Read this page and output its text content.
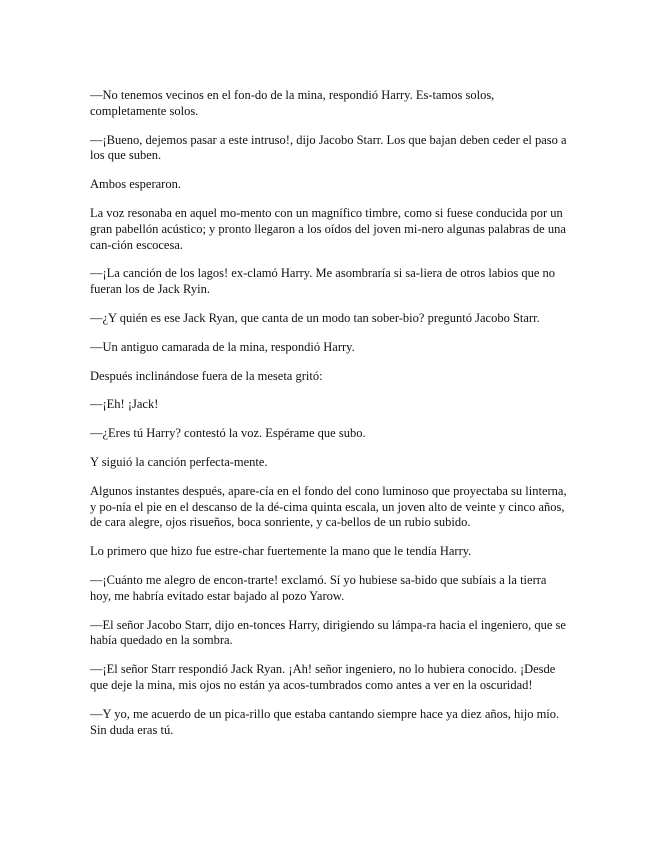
—No tenemos vecinos en el fon-do de la mina, respondió Harry. Es-tamos solos, completamente solos.

—¡Bueno, dejemos pasar a este intruso!, dijo Jacobo Starr. Los que bajan deben ceder el paso a los que suben.

Ambos esperaron.

La voz resonaba en aquel mo-mento con un magnífico timbre, como si fuese conducida por un gran pabellón acústico; y pronto llegaron a los oídos del joven mi-nero algunas palabras de una can-ción escocesa.

—¡La canción de los lagos! ex-clamó Harry. Me asombraría si sa-liera de otros labios que no fueran los de Jack Ryin.

—¿Y quién es ese Jack Ryan, que canta de un modo tan sober-bio? preguntó Jacobo Starr.

—Un antiguo camarada de la mina, respondió Harry.

Después inclinándose fuera de la meseta gritó:

—¡Eh! ¡Jack!

—¿Eres tú Harry? contestó la voz. Espérame que subo.

Y siguió la canción perfecta-mente.

Algunos instantes después, apare-cía en el fondo del cono luminoso que proyectaba su linterna, y po-nía el pie en el descanso de la dé-cima quinta escala, un joven alto de veinte y cinco años, de cara alegre, ojos risueños, boca sonriente, y ca-bellos de un rubio subido.

Lo primero que hizo fue estre-char fuertemente la mano que le tendía Harry.

—¡Cuánto me alegro de encon-trarte! exclamó. Sí yo hubiese sa-bido que subíais a la tierra hoy, me habría evitado estar bajado al pozo Yarow.

—El señor Jacobo Starr, dijo en-tonces Harry, dirigiendo su lámpa-ra hacia el ingeniero, que se había quedado en la sombra.

—¡El señor Starr respondió Jack Ryan. ¡Ah! señor ingeniero, no lo hubiera conocido. ¡Desde que deje la mina, mis ojos no están ya acos-tumbrados como antes a ver en la oscuridad!

—Y yo, me acuerdo de un pica-rillo que estaba cantando siempre hace ya diez años, hijo mío. Sin duda eras tú.
